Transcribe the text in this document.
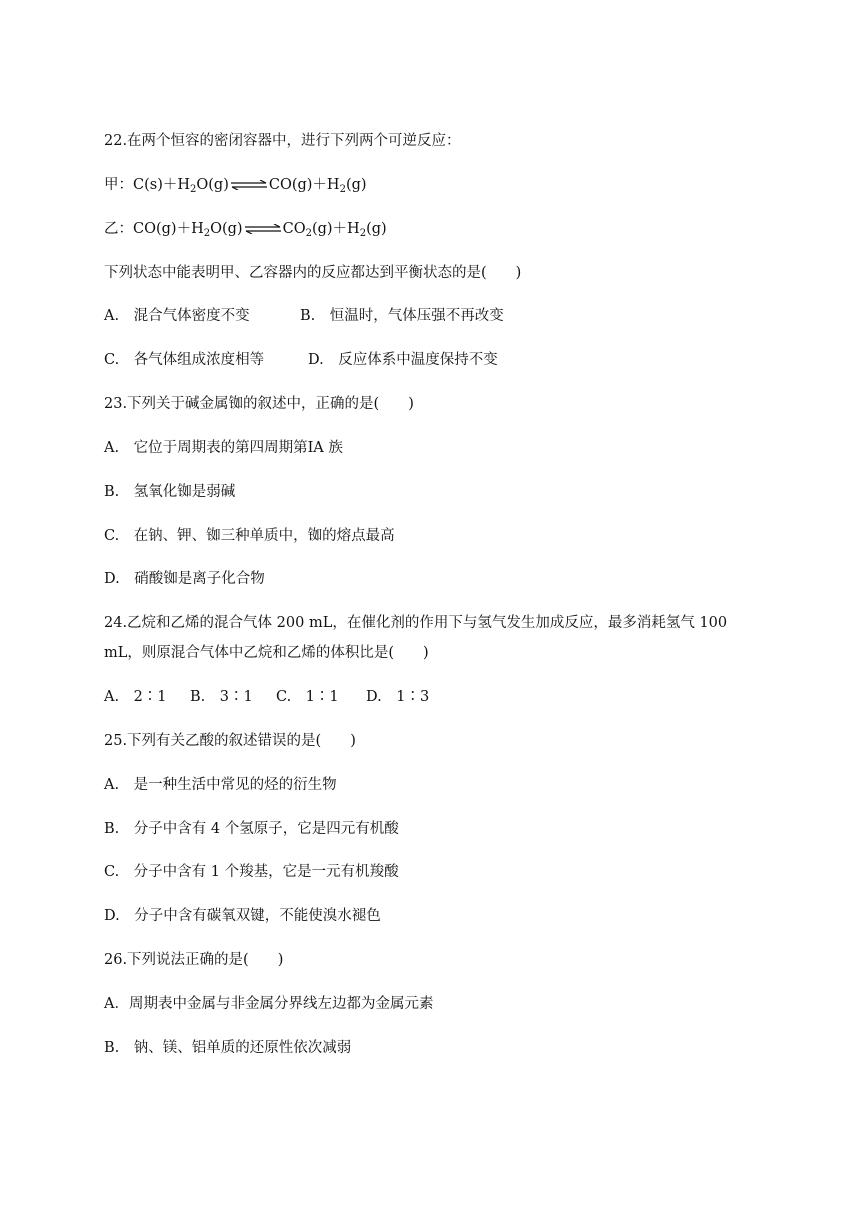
22.在两个恒容的密闭容器中，进行下列两个可逆反应：
甲：$C(s)+H_2O(g)\rightleftharpoons CO(g)+H_2(g)$
乙：$CO(g)+H_2O(g)\rightleftharpoons CO_2(g)+H_2(g)$
下列状态中能表明甲、乙容器内的反应都达到平衡状态的是(　　)
A.　混合气体密度不变	B.　恒温时，气体压强不再改变
C.　各气体组成浓度相等	D.　反应体系中温度保持不变
23.下列关于碱金属铷的叙述中，正确的是(　　)
A.　它位于周期表的第四周期第IA 族
B.　氢氧化铷是弱碱
C.　在钠、钾、铷三种单质中，铷的熔点最高
D.　硝酸铷是离子化合物
24.乙烷和乙烯的混合气体 200 mL，在催化剂的作用下与氢气发生加成反应，最多消耗氢气 100
mL，则原混合气体中乙烷和乙烯的体积比是(　　)
A.　2∶1 B.　3∶1 C.　1∶1 D.　1∶3
25.下列有关乙酸的叙述错误的是(　　)
A.　是一种生活中常见的烃的衍生物
B.　分子中含有 4 个氢原子，它是四元有机酸
C.　分子中含有 1 个羧基，它是一元有机羧酸
D.　分子中含有碳氧双键，不能使溴水褪色
26.下列说法正确的是(　　)
A．周期表中金属与非金属分界线左边都为金属元素
B.　钠、镁、铝单质的还原性依次减弱
